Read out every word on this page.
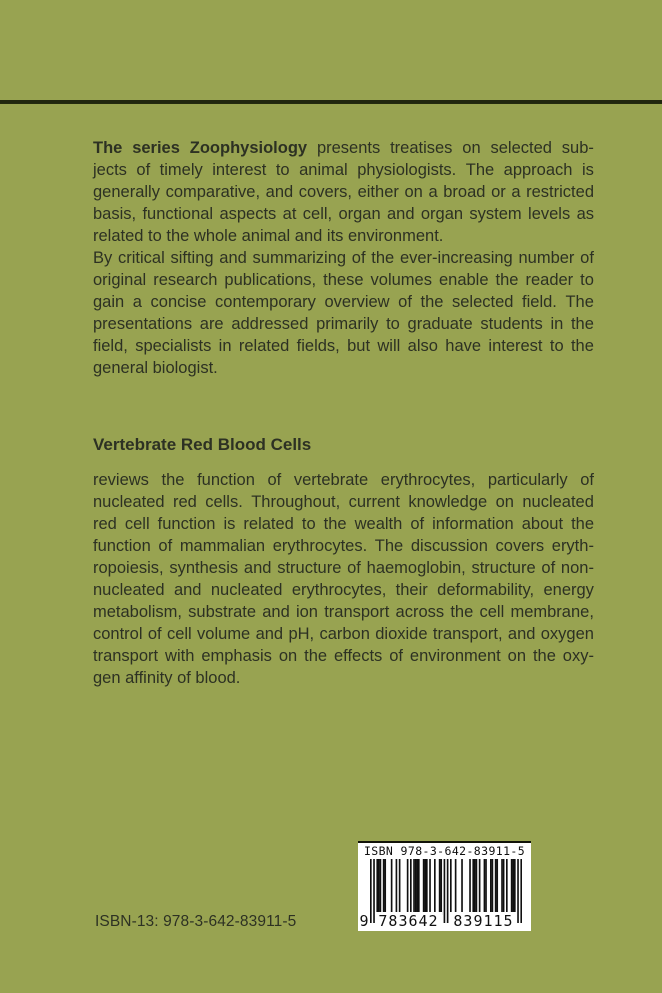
The series Zoophysiology presents treatises on selected sub-
jects of timely interest to animal physiologists. The approach is
generally comparative, and covers, either on a broad or a restricted
basis, functional aspects at cell, organ and organ system levels as
related to the whole animal and its environment.
By critical sifting and summarizing of the ever-increasing number of
original research publications, these volumes enable the reader to
gain a concise contemporary overview of the selected field. The
presentations are addressed primarily to graduate students in the
field, specialists in related fields, but will also have interest to the
general biologist.
Vertebrate Red Blood Cells
reviews the function of vertebrate erythrocytes, particularly of
nucleated red cells. Throughout, current knowledge on nucleated
red cell function is related to the wealth of information about the
function of mammalian erythrocytes. The discussion covers eryth-
ropoiesis, synthesis and structure of haemoglobin, structure of non-
nucleated and nucleated erythrocytes, their deformability, energy
metabolism, substrate and ion transport across the cell membrane,
control of cell volume and pH, carbon dioxide transport, and oxygen
transport with emphasis on the effects of environment on the oxy-
gen affinity of blood.
ISBN 978-3-642-83911-5
9 783642 839115
ISBN-13: 978-3-642-83911-5
